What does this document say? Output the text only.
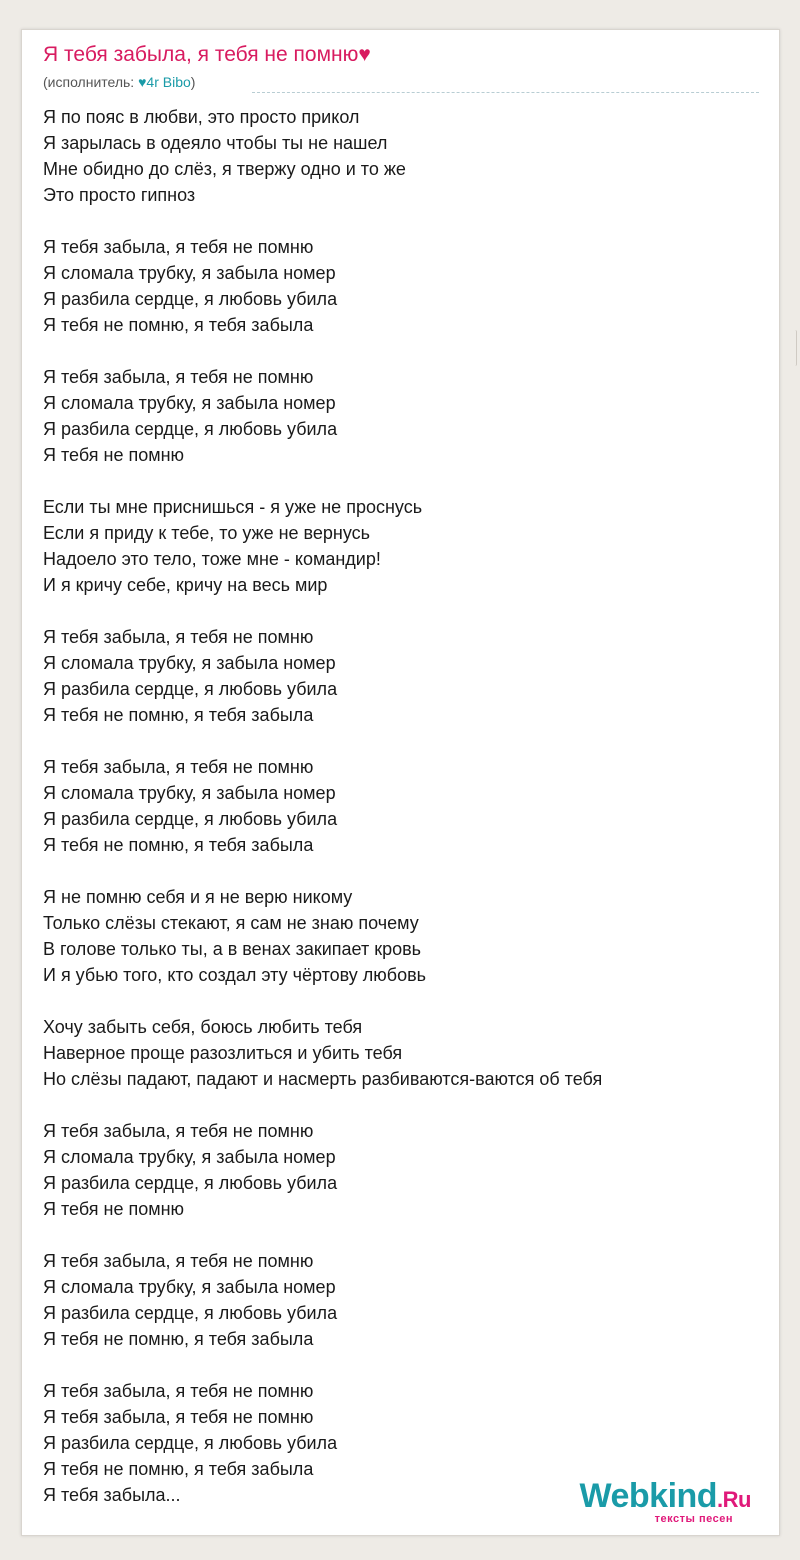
Я тебя забыла, я тебя не помню♥
(исполнитель: ♥4r Bibo)
Я по пояс в любви, это просто прикол
Я зарылась в одеяло чтобы ты не нашел
Мне обидно до слёз, я твержу одно и то же
Это просто гипноз
Я тебя забыла, я тебя не помню
Я сломала трубку, я забыла номер
Я разбила сердце, я любовь убила
Я тебя не помню, я тебя забыла
Я тебя забыла, я тебя не помню
Я сломала трубку, я забыла номер
Я разбила сердце, я любовь убила
Я тебя не помню
Если ты мне приснишься - я уже не проснусь
Если я приду к тебе, то уже не вернусь
Надоело это тело, тоже мне - командир!
И я кричу себе, кричу на весь мир
Я тебя забыла, я тебя не помню
Я сломала трубку, я забыла номер
Я разбила сердце, я любовь убила
Я тебя не помню, я тебя забыла
Я тебя забыла, я тебя не помню
Я сломала трубку, я забыла номер
Я разбила сердце, я любовь убила
Я тебя не помню, я тебя забыла
Я не помню себя и я не верю никому
Только слёзы стекают, я сам не знаю почему
В голове только ты, а в венах закипает кровь
И я убью того, кто создал эту чёртову любовь
Хочу забыть себя, боюсь любить тебя
Наверное проще разозлиться и убить тебя
Но слёзы падают, падают и насмерть разбиваются-ваются об тебя
Я тебя забыла, я тебя не помню
Я сломала трубку, я забыла номер
Я разбила сердце, я любовь убила
Я тебя не помню
Я тебя забыла, я тебя не помню
Я сломала трубку, я забыла номер
Я разбила сердце, я любовь убила
Я тебя не помню, я тебя забыла
Я тебя забыла, я тебя не помню
Я тебя забыла, я тебя не помню
Я разбила сердце, я любовь убила
Я тебя не помню, я тебя забыла
Я тебя забыла...	Webkind.Ru
тексты песен
